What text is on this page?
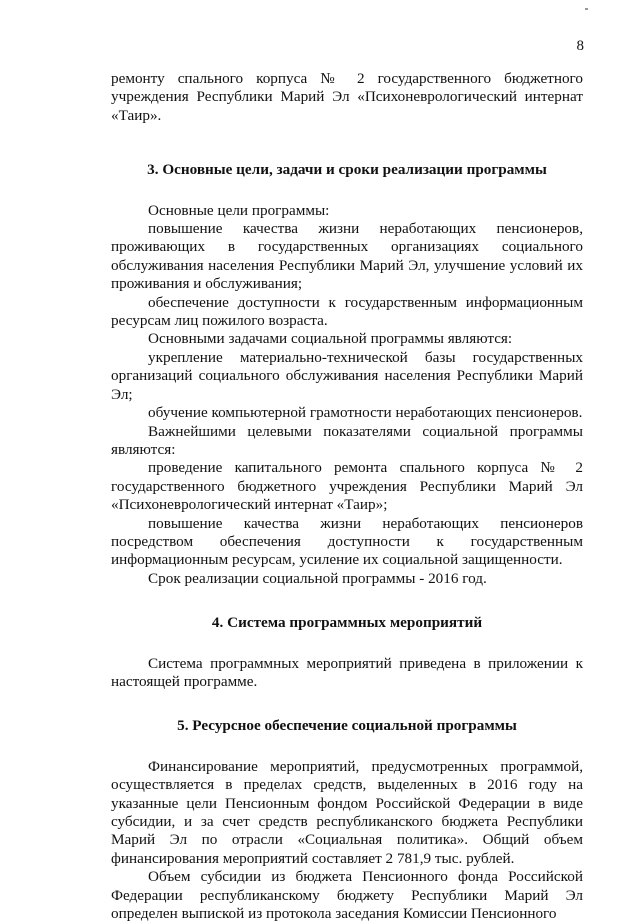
8

ремонту спального корпуса № 2 государственного бюджетного учреждения Республики Марий Эл «Психоневрологический интернат «Таир».

3. Основные цели, задачи и сроки реализации программы

Основные цели программы:

повышение качества жизни неработающих пенсионеров, проживающих в государственных организациях социального обслуживания населения Республики Марий Эл, улучшение условий их проживания и обслуживания;

обеспечение доступности к государственным информационным ресурсам лиц пожилого возраста.

Основными задачами социальной программы являются:

укрепление материально-технической базы государственных организаций социального обслуживания населения Республики Марий Эл;

обучение компьютерной грамотности неработающих пенсионеров.

Важнейшими целевыми показателями социальной программы являются:

проведение капитального ремонта спального корпуса № 2 государственного бюджетного учреждения Республики Марий Эл «Психоневрологический интернат «Таир»;

повышение качества жизни неработающих пенсионеров посредством обеспечения доступности к государственным информационным ресурсам, усиление их социальной защищенности.

Срок реализации социальной программы - 2016 год.

4. Система программных мероприятий

Система программных мероприятий приведена в приложении к настоящей программе.

5. Ресурсное обеспечение социальной программы

Финансирование мероприятий, предусмотренных программой, осуществляется в пределах средств, выделенных в 2016 году на указанные цели Пенсионным фондом Российской Федерации в виде субсидии, и за счет средств республиканского бюджета Республики Марий Эл по отрасли «Социальная политика». Общий объем финансирования мероприятий составляет 2 781,9 тыс. рублей.

Объем субсидии из бюджета Пенсионного фонда Российской Федерации республиканскому бюджету Республики Марий Эл определен выпиской из протокола заседания Комиссии Пенсионного
